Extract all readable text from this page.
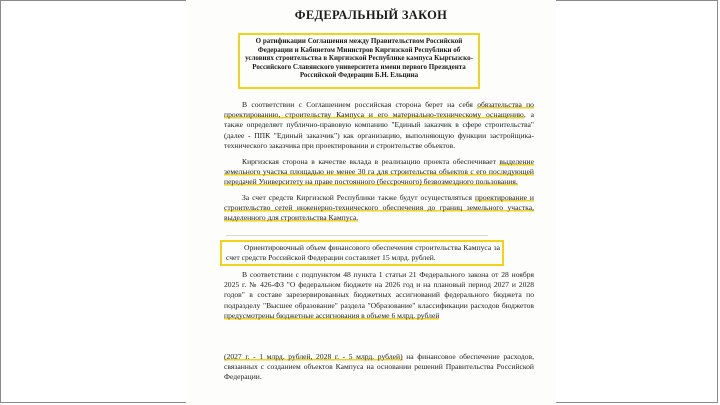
ФЕДЕРАЛЬНЫЙ ЗАКОН
О ратификации Соглашения между Правительством Российской Федерации и Кабинетом Министров Киргизской Республики об условиях строительства в Киргизской Республике кампуса Кыргызско-Российского Славянского университета имени первого Президента Российской Федерации Б.Н. Ельцина
В соответствии с Соглашением российская сторона берет на себя обязательства по проектированию, строительству Кампуса и его материально-техническому оснащению, а также определяет публично-правовую компанию "Единый заказчик в сфере строительства" (далее - ППК "Единый заказчик") как организацию, выполняющую функции застройщика-технического заказчика при проектировании и строительстве объектов.
Киргизская сторона в качестве вклада в реализацию проекта обеспечивает выделение земельного участка площадью не менее 30 га для строительства объектов с его последующей передачей Университету на праве постоянного (бессрочного) безвозмездного пользования.
За счет средств Киргизской Республики также будут осуществляться проектирование и строительство сетей инженерно-технического обеспечения до границ земельного участка, выделенного для строительства Кампуса.
Ориентировочный объем финансового обеспечения строительства Кампуса за счет средств Российской Федерации составляет 15 млрд. рублей.
В соответствии с подпунктом 48 пункта 1 статьи 21 Федерального закона от 28 ноября 2025 г. № 426-ФЗ "О федеральном бюджете на 2026 год и на плановый период 2027 и 2028 годов" в составе зарезервированных бюджетных ассигнований федерального бюджета по подразделу "Высшее образование" раздела "Образование" классификации расходов бюджетов предусмотрены бюджетные ассигнования в объеме 6 млрд. рублей
(2027 г. - 1 млрд. рублей, 2028 г. - 5 млрд. рублей) на финансовое обеспечение расходов, связанных с созданием объектов Кампуса на основании решений Правительства Российской Федерации.
